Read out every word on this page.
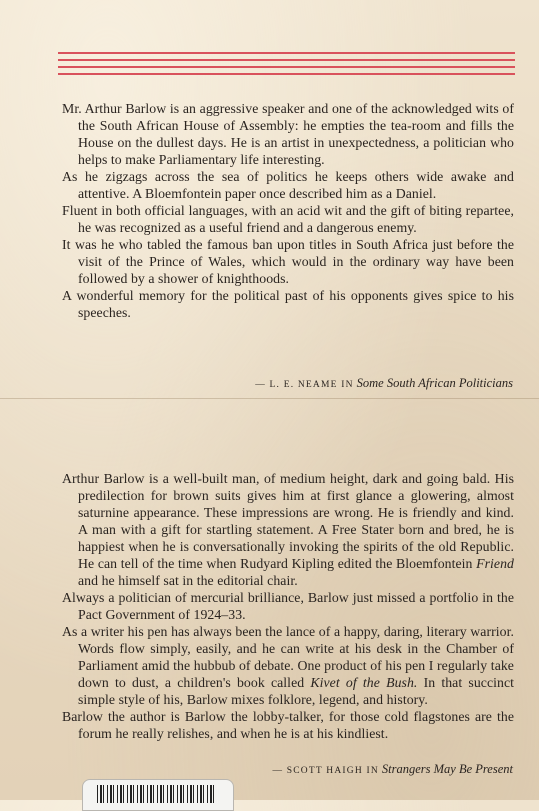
Mr. Arthur Barlow is an aggressive speaker and one of the acknowledged wits of the South African House of Assembly: he empties the tea-room and fills the House on the dullest days. He is an artist in unexpectedness, a politician who helps to make Parliamentary life interesting.

As he zigzags across the sea of politics he keeps others wide awake and attentive. A Bloemfontein paper once described him as a Daniel.

Fluent in both official languages, with an acid wit and the gift of biting repartee, he was recognized as a useful friend and a dangerous enemy.

It was he who tabled the famous ban upon titles in South Africa just before the visit of the Prince of Wales, which would in the ordinary way have been followed by a shower of knighthoods.

A wonderful memory for the political past of his opponents gives spice to his speeches.

— L. E. NEAME IN Some South African Politicians

Arthur Barlow is a well-built man, of medium height, dark and going bald. His predilection for brown suits gives him at first glance a glowering, almost saturnine appearance. These impressions are wrong. He is friendly and kind. A man with a gift for startling statement. A Free Stater born and bred, he is happiest when he is conversationally invoking the spirits of the old Republic. He can tell of the time when Rudyard Kipling edited the Bloemfontein Friend and he himself sat in the editorial chair.

Always a politician of mercurial brilliance, Barlow just missed a portfolio in the Pact Government of 1924–33.

As a writer his pen has always been the lance of a happy, daring, literary warrior. Words flow simply, easily, and he can write at his desk in the Chamber of Parliament amid the hubbub of debate. One product of his pen I regularly take down to dust, a children's book called Kivet of the Bush. In that succinct simple style of his, Barlow mixes folklore, legend, and history.

Barlow the author is Barlow the lobby-talker, for those cold flagstones are the forum he really relishes, and when he is at his kindliest.

— SCOTT HAIGH IN Strangers May Be Present
